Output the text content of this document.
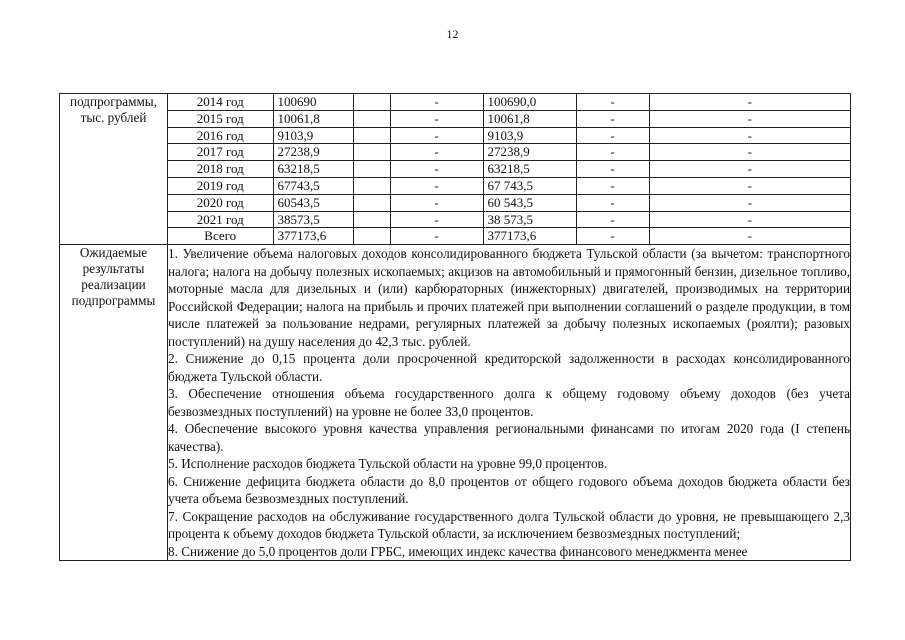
12
подпрограммы, тыс. рублей	
2014 год	100690		-	100690,0	-	-
2015 год	10061,8		-	10061,8	-	-
2016 год	9103,9		-	9103,9	-	-
2017 год	27238,9		-	27238,9	-	-
2018 год	63218,5		-	63218,5	-	-
2019 год	67743,5		-	67 743,5	-	-
2020 год	60543,5		-	60 543,5	-	-
2021 год	38573,5		-	38 573,5	-	-
Всего	377173,6		-	377173,6	-	-

Ожидаемые результаты реализации подпрограммы	

1. Увеличение объема налоговых доходов консолидированного бюджета Тульской области (за вычетом: транспортного налога; налога на добычу полезных ископаемых; акцизов на автомобильный и прямогонный бензин, дизельное топливо, моторные масла для дизельных и (или) карбюраторных (инжекторных) двигателей, производимых на территории Российской Федерации; налога на прибыль и прочих платежей при выполнении соглашений о разделе продукции, в том числе платежей за пользование недрами, регулярных платежей за добычу полезных ископаемых (роялти); разовых поступлений) на душу населения до 42,3 тыс. рублей.

2. Снижение до 0,15 процента доли просроченной кредиторской задолженности в расходах консолидированного бюджета Тульской области.

3. Обеспечение отношения объема государственного долга к общему годовому объему доходов (без учета безвозмездных поступлений) на уровне не более 33,0 процентов.

4. Обеспечение высокого уровня качества управления региональными финансами по итогам 2020 года (I степень качества).

5. Исполнение расходов бюджета Тульской области на уровне 99,0 процентов.

6. Снижение дефицита бюджета области до 8,0 процентов от общего годового объема доходов бюджета области без учета объема безвозмездных поступлений.

7. Сокращение расходов на обслуживание государственного долга Тульской области до уровня, не превышающего 2,3 процента к объему доходов бюджета Тульской области, за исключением безвозмездных поступлений;

8. Снижение до 5,0 процентов доли ГРБС, имеющих индекс качества финансового менеджмента менее
